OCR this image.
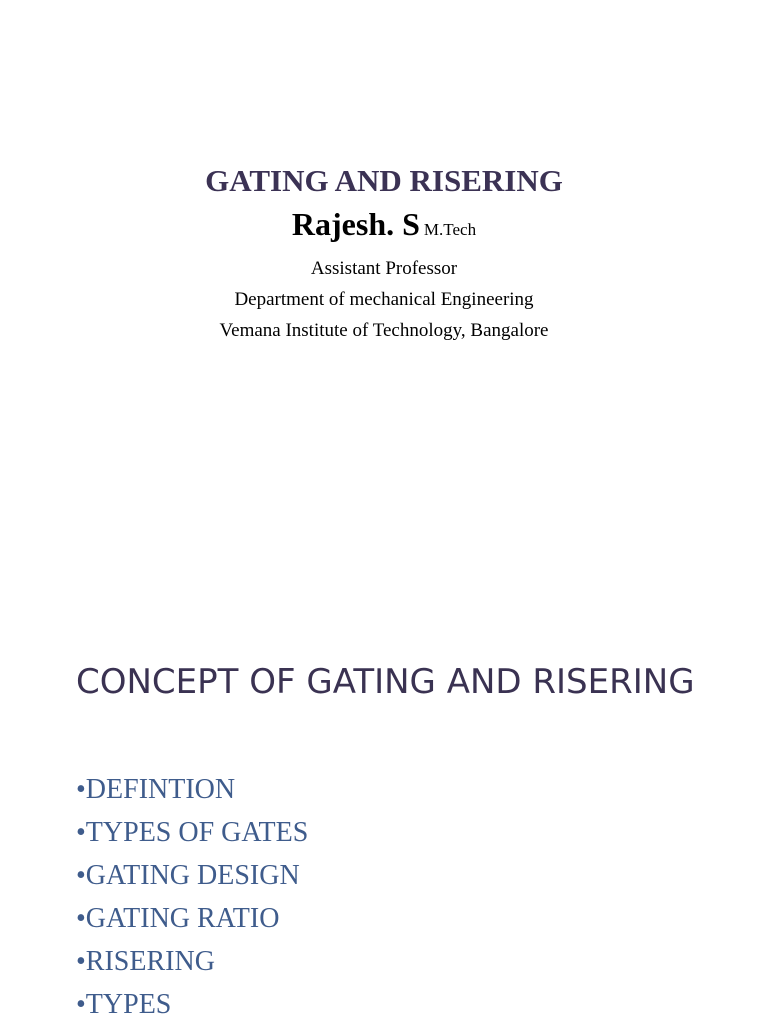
GATING AND RISERING

Rajesh. S M.Tech

Assistant Professor

Department of mechanical Engineering

Vemana Institute of Technology, Bangalore

CONCEPT OF GATING AND RISERING
•DEFINTION
•TYPES OF GATES
•GATING DESIGN
•GATING RATIO
•RISERING
•TYPES
